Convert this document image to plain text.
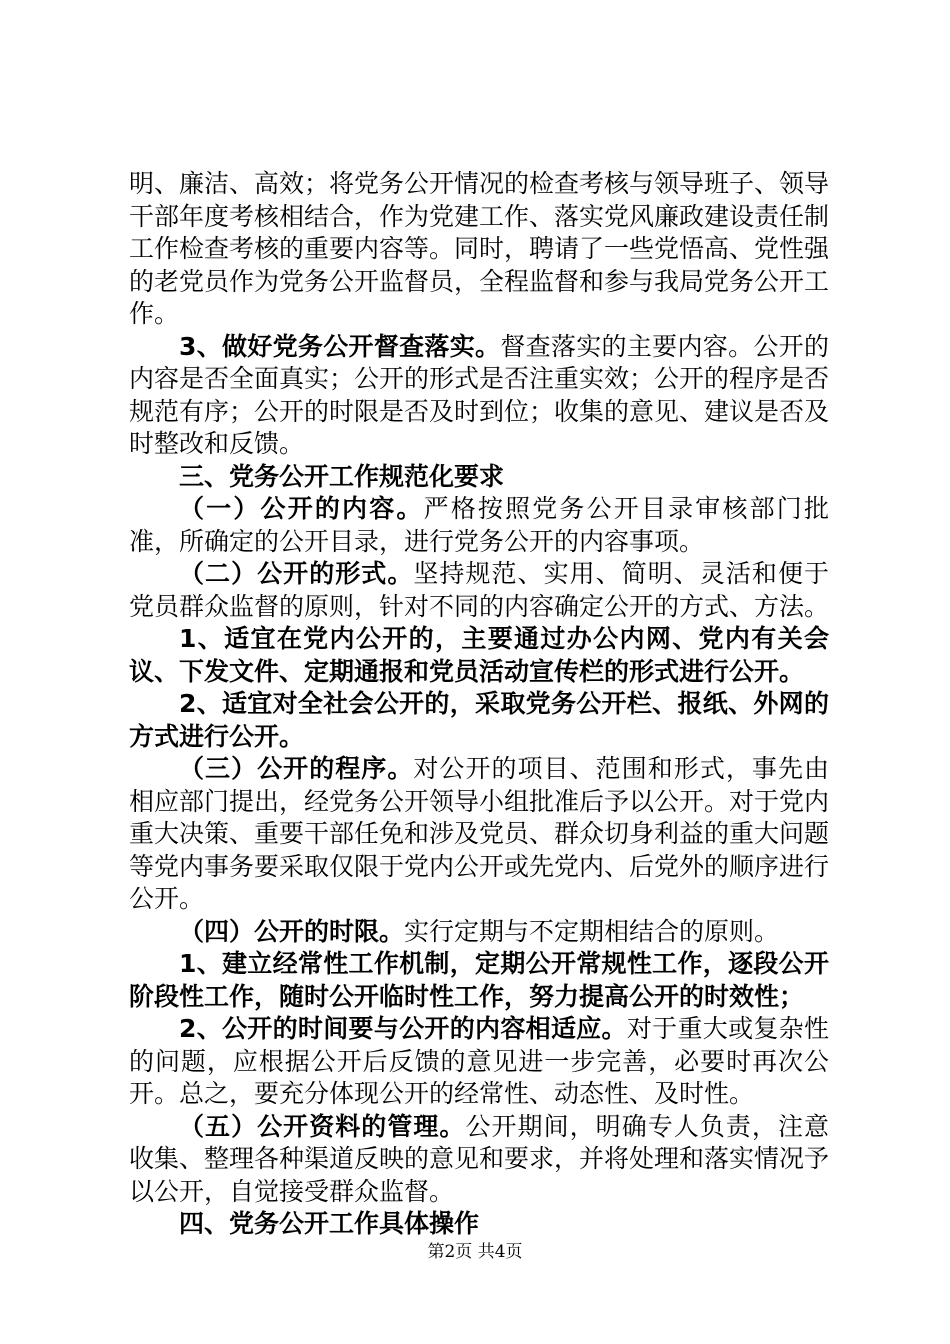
明、廉洁、高效；将党务公开情况的检查考核与领导班子、领导干部年度考核相结合，作为党建工作、落实党风廉政建设责任制工作检查考核的重要内容等。同时，聘请了一些党悟高、党性强的老党员作为党务公开监督员，全程监督和参与我局党务公开工作。

3、做好党务公开督查落实。督查落实的主要内容。公开的内容是否全面真实；公开的形式是否注重实效；公开的程序是否规范有序；公开的时限是否及时到位；收集的意见、建议是否及时整改和反馈。

三、党务公开工作规范化要求

（一）公开的内容。严格按照党务公开目录审核部门批准，所确定的公开目录，进行党务公开的内容事项。

（二）公开的形式。坚持规范、实用、简明、灵活和便于党员群众监督的原则，针对不同的内容确定公开的方式、方法。

1、适宜在党内公开的，主要通过办公内网、党内有关会议、下发文件、定期通报和党员活动宣传栏的形式进行公开。

2、适宜对全社会公开的，采取党务公开栏、报纸、外网的方式进行公开。

（三）公开的程序。对公开的项目、范围和形式，事先由相应部门提出，经党务公开领导小组批准后予以公开。对于党内重大决策、重要干部任免和涉及党员、群众切身利益的重大问题等党内事务要采取仅限于党内公开或先党内、后党外的顺序进行公开。

（四）公开的时限。实行定期与不定期相结合的原则。

1、建立经常性工作机制，定期公开常规性工作，逐段公开阶段性工作，随时公开临时性工作，努力提高公开的时效性；

2、公开的时间要与公开的内容相适应。对于重大或复杂性的问题，应根据公开后反馈的意见进一步完善，必要时再次公开。总之，要充分体现公开的经常性、动态性、及时性。

（五）公开资料的管理。公开期间，明确专人负责，注意收集、整理各种渠道反映的意见和要求，并将处理和落实情况予以公开，自觉接受群众监督。

四、党务公开工作具体操作

第2页 共4页
